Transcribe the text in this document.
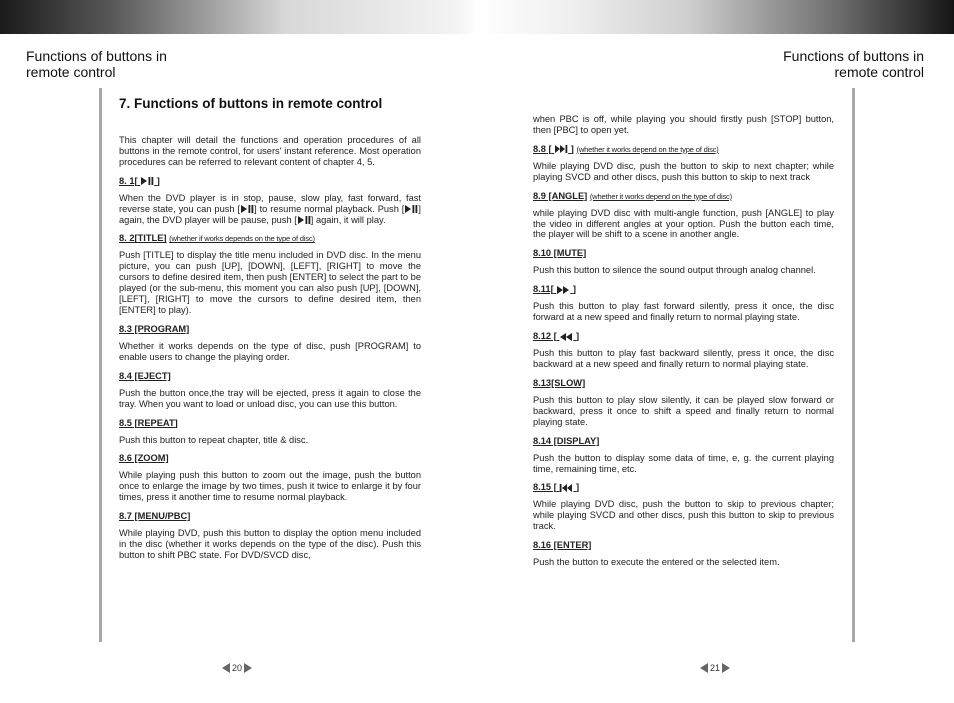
Functions of buttons in
remote control
Functions of buttons in
remote control
7. Functions of buttons in remote control

This chapter will detail the functions and operation procedures of all buttons in the remote control, for users' instant reference. Most operation procedures can be referred to relevant content of chapter 4, 5.

8. 1[ ]

When the DVD player is in stop, pause, slow play, fast forward, fast reverse state, you can push [ ] to resume normal playback. Push [ ] again, the DVD player will be pause, push [ ] again, it will play.

8. 2[TITLE] (whether if works depends on the type of disc)

Push [TITLE] to display the title menu included in DVD disc. In the menu picture, you can push [UP], [DOWN], [LEFT], [RIGHT] to move the cursors to define desired item, then push [ENTER] to select the part to be played (or the sub-menu, this moment you can also push [UP], [DOWN], [LEFT], [RIGHT] to move the cursors to define desired item, then [ENTER] to play).

8.3 [PROGRAM]

Whether it works depends on the type of disc, push [PROGRAM] to enable users to change the playing order.

8.4 [EJECT]

Push the button once,the tray will be ejected, press it again to close the tray. When you want to load or unload disc, you can use this button.

8.5 [REPEAT]

Push this button to repeat chapter, title & disc.

8.6 [ZOOM]

While playing push this button to zoom out the image, push the button once to enlarge the image by two times, push it twice to enlarge it by four times, press it another time to resume normal playback.

8.7 [MENU/PBC]

While playing DVD, push this button to display the option menu included in the disc (whether it works depends on the type of the disc). Push this button to shift PBC state. For DVD/SVCD disc,

when PBC is off, while playing you should firstly push [STOP] button, then [PBC] to open yet.

8.8 [ ] (whether it works depend on the type of disc)

While playing DVD disc, push the button to skip to next chapter; while playing SVCD and other discs, push this button to skip to next track

8.9 [ANGLE] (whether it works depend on the type of disc)

while playing DVD disc with multi-angle function, push [ANGLE] to play the video in different angles at your option. Push the button each time, the player will be shift to a scene in another angle.

8.10 [MUTE]

Push this button to silence the sound output through analog channel.

8.11[ ]

Push this button to play fast forward silently, press it once, the disc forward at a new speed and finally return to normal playing state.

8.12 [ ]

Push this button to play fast backward silently, press it once, the disc backward at a new speed and finally return to normal playing state.

8.13[SLOW]

Push this button to play slow silently, it can be played slow forward or backward, press it once to shift a speed and finally return to normal playing state.

8.14 [DISPLAY]

Push the button to display some data of time, e, g. the current playing time, remaining time, etc.

8.15 [ ]

While playing DVD disc, push the button to skip to previous chapter; while playing SVCD and other discs, push this button to skip to previous track.

8.16 [ENTER]

Push the button to execute the entered or the selected item.

20	21
